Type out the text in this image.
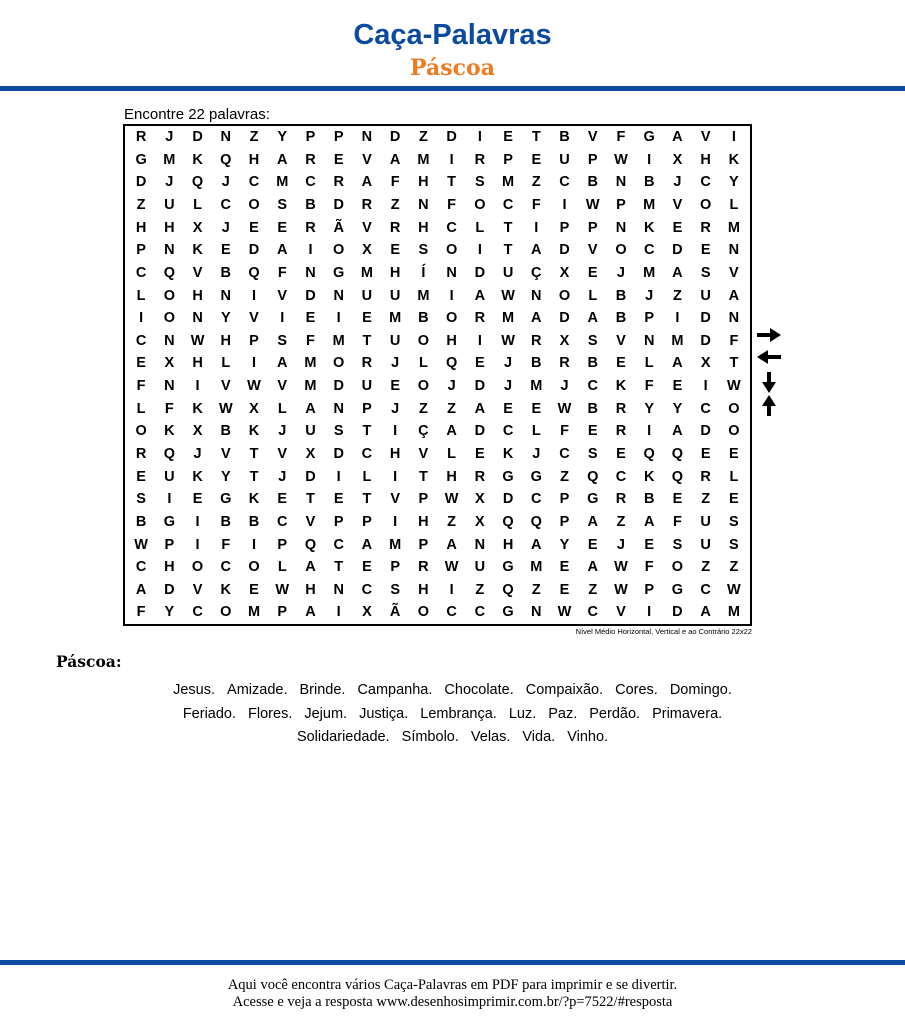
Caça-Palavras
Páscoa
Encontre 22 palavras:
R	J	D	N	Z	Y	P	P	N	D	Z	D	I	E	T	B	V	F	G	A	V	I
G	M	K	Q	H	A	R	E	V	A	M	I	R	P	E	U	P	W	I	X	H	K
D	J	Q	J	C	M	C	R	A	F	H	T	S	M	Z	C	B	N	B	J	C	Y
Z	U	L	C	O	S	B	D	R	Z	N	F	O	C	F	I	W	P	M	V	O	L
H	H	X	J	E	E	R	Ã	V	R	H	C	L	T	I	P	P	N	K	E	R	M
P	N	K	E	D	A	I	O	X	E	S	O	I	T	A	D	V	O	C	D	E	N
C	Q	V	B	Q	F	N	G	M	H	Í	N	D	U	Ç	X	E	J	M	A	S	V
L	O	H	N	I	V	D	N	U	U	M	I	A	W	N	O	L	B	J	Z	U	A
I	O	N	Y	V	I	E	I	E	M	B	O	R	M	A	D	A	B	P	I	D	N
C	N	W	H	P	S	F	M	T	U	O	H	I	W	R	X	S	V	N	M	D	F
E	X	H	L	I	A	M	O	R	J	L	Q	E	J	B	R	B	E	L	A	X	T
F	N	I	V	W	V	M	D	U	E	O	J	D	J	M	J	C	K	F	E	I	W
L	F	K	W	X	L	A	N	P	J	Z	Z	A	E	E	W	B	R	Y	Y	C	O
O	K	X	B	K	J	U	S	T	I	Ç	A	D	C	L	F	E	R	I	A	D	O
R	Q	J	V	T	V	X	D	C	H	V	L	E	K	J	C	S	E	Q	Q	E	E
E	U	K	Y	T	J	D	I	L	I	T	H	R	G	G	Z	Q	C	K	Q	R	L
S	I	E	G	K	E	T	E	T	V	P	W	X	D	C	P	G	R	B	E	Z	E
B	G	I	B	B	C	V	P	P	I	H	Z	X	Q	Q	P	A	Z	A	F	U	S
W	P	I	F	I	P	Q	C	A	M	P	A	N	H	A	Y	E	J	E	S	U	S
C	H	O	C	O	L	A	T	E	P	R	W	U	G	M	E	A	W	F	O	Z	Z
A	D	V	K	E	W	H	N	C	S	H	I	Z	Q	Z	E	Z	W	P	G	C	W
F	Y	C	O	M	P	A	I	X	Ã	O	C	C	G	N	W	C	V	I	D	A	M
Nível Médio Horizontal, Vertical e ao Contrário 22x22
Páscoa:
Jesus. Amizade. Brinde. Campanha. Chocolate. Compaixão. Cores. Domingo.
Feriado. Flores. Jejum. Justiça. Lembrança. Luz. Paz. Perdão. Primavera.
Solidariedade. Símbolo. Velas. Vida. Vinho.
Aqui você encontra vários Caça-Palavras em PDF para imprimir e se divertir.
Acesse e veja a resposta www.desenhosimprimir.com.br/?p=7522/#resposta
